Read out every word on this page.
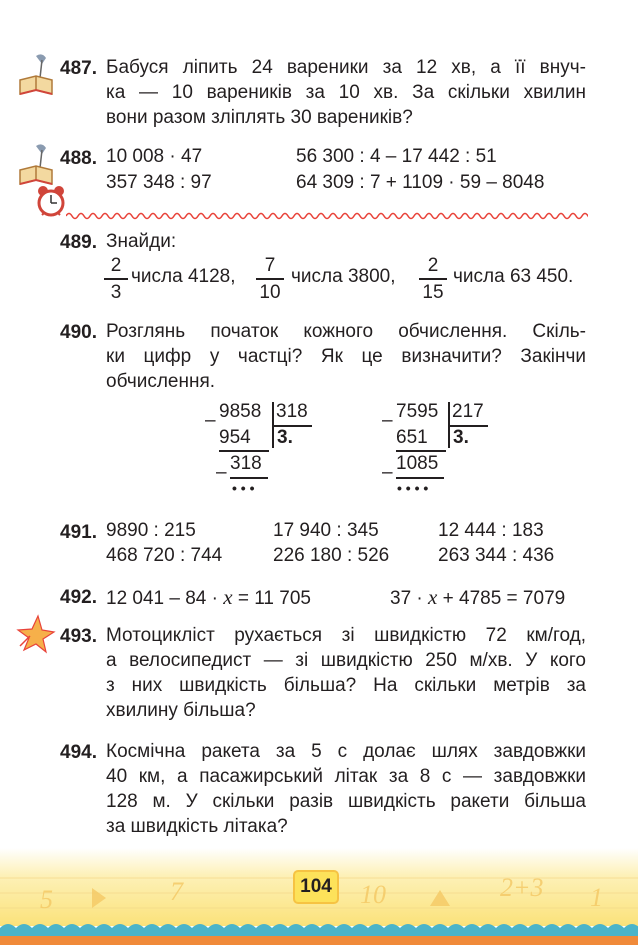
487. Бабуся ліпить 24 вареники за 12 хв, а її внуч-
ка — 10 вареників за 10 хв. За скільки хвилин
вони разом зліплять 30 вареників?
488. 10 008 · 47	56 300 : 4 – 17 442 : 51
357 348 : 97	64 309 : 7 + 1109 · 59 – 8048
489. Знайди:
2
3
числа 4128,
7
10
числа 3800,
2
15
числа 63 450.
490. Розглянь початок кожного обчислення. Скіль-
ки цифр у частці? Як це визначити? Закінчи
обчислення.
– 9858 318
954 3.
– 318
• • •
– 7595 217
651 3.
– 1085
• • • •
491. 9890 : 215	17 940 : 345	12 444 : 183
468 720 : 744	226 180 : 526	263 344 : 436
492. 12 041 – 84 · x = 11 705	37 · x + 4785 = 7079
493. Мотоцикліст рухається зі швидкістю 72 км/год,
а велосипедист — зі швидкістю 250 м/хв. У кого
з них швидкість більша? На скільки метрів за
хвилину більша?
494. Космічна ракета за 5 с долає шлях завдовжки
40 км, а пасажирський літак за 8 с — завдовжки
128 м. У скільки разів швидкість ракети більша
за швидкість літака?
5	7	10	2+3 1
104
